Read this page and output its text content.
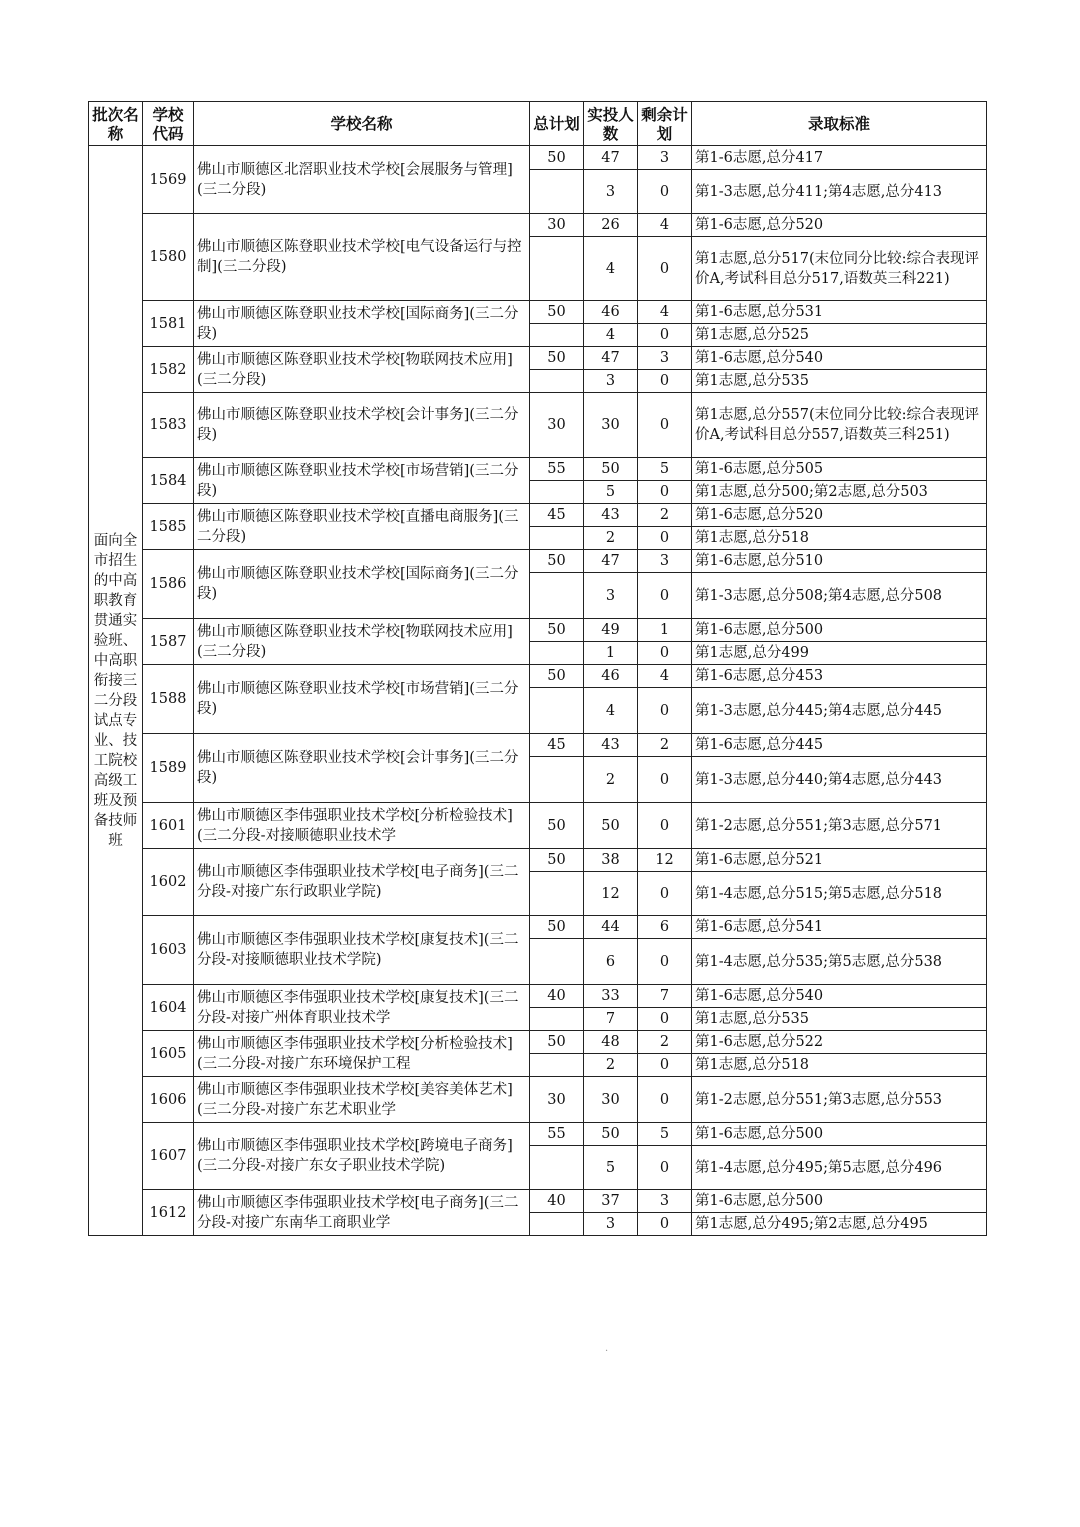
批次名称	学校代码	学校名称	总计划	实投人数	剩余计划	录取标准
面向全市招生的中高职教育贯通实验班、中高职衔接三二分段试点专业、技工院校高级工班及预备技师班	1569	佛山市顺德区北滘职业技术学校[会展服务与管理](三二分段)	50	47	3	第1-6志愿,总分417
				3	0	第1-3志愿,总分411;第4志愿,总分413
	1580	佛山市顺德区陈登职业技术学校[电气设备运行与控制](三二分段)	30	26	4	第1-6志愿,总分520
				4	0	第1志愿,总分517(末位同分比较:综合表现评价A,考试科目总分517,语数英三科221)
	1581	佛山市顺德区陈登职业技术学校[国际商务](三二分段)	50	46	4	第1-6志愿,总分531
				4	0	第1志愿,总分525
	1582	佛山市顺德区陈登职业技术学校[物联网技术应用](三二分段)	50	47	3	第1-6志愿,总分540
				3	0	第1志愿,总分535
	1583	佛山市顺德区陈登职业技术学校[会计事务](三二分段)	30	30	0	第1志愿,总分557(末位同分比较:综合表现评价A,考试科目总分557,语数英三科251)
	1584	佛山市顺德区陈登职业技术学校[市场营销](三二分段)	55	50	5	第1-6志愿,总分505
				5	0	第1志愿,总分500;第2志愿,总分503
	1585	佛山市顺德区陈登职业技术学校[直播电商服务](三二分段)	45	43	2	第1-6志愿,总分520
				2	0	第1志愿,总分518
	1586	佛山市顺德区陈登职业技术学校[国际商务](三二分段)	50	47	3	第1-6志愿,总分510
				3	0	第1-3志愿,总分508;第4志愿,总分508
	1587	佛山市顺德区陈登职业技术学校[物联网技术应用](三二分段)	50	49	1	第1-6志愿,总分500
				1	0	第1志愿,总分499
	1588	佛山市顺德区陈登职业技术学校[市场营销](三二分段)	50	46	4	第1-6志愿,总分453
				4	0	第1-3志愿,总分445;第4志愿,总分445
	1589	佛山市顺德区陈登职业技术学校[会计事务](三二分段)	45	43	2	第1-6志愿,总分445
				2	0	第1-3志愿,总分440;第4志愿,总分443
	1601	佛山市顺德区李伟强职业技术学校[分析检验技术](三二分段-对接顺德职业技术学	50	50	0	第1-2志愿,总分551;第3志愿,总分571
	1602	佛山市顺德区李伟强职业技术学校[电子商务](三二分段-对接广东行政职业学院)	50	38	12	第1-6志愿,总分521
				12	0	第1-4志愿,总分515;第5志愿,总分518
	1603	佛山市顺德区李伟强职业技术学校[康复技术](三二分段-对接顺德职业技术学院)	50	44	6	第1-6志愿,总分541
				6	0	第1-4志愿,总分535;第5志愿,总分538
	1604	佛山市顺德区李伟强职业技术学校[康复技术](三二分段-对接广州体育职业技术学	40	33	7	第1-6志愿,总分540
				7	0	第1志愿,总分535
	1605	佛山市顺德区李伟强职业技术学校[分析检验技术](三二分段-对接广东环境保护工程	50	48	2	第1-6志愿,总分522
				2	0	第1志愿,总分518
	1606	佛山市顺德区李伟强职业技术学校[美容美体艺术](三二分段-对接广东艺术职业学	30	30	0	第1-2志愿,总分551;第3志愿,总分553
	1607	佛山市顺德区李伟强职业技术学校[跨境电子商务](三二分段-对接广东女子职业技术学院)	55	50	5	第1-6志愿,总分500
				5	0	第1-4志愿,总分495;第5志愿,总分496
	1612	佛山市顺德区李伟强职业技术学校[电子商务](三二分段-对接广东南华工商职业学	40	37	3	第1-6志愿,总分500
				3	0	第1志愿,总分495;第2志愿,总分495
·
